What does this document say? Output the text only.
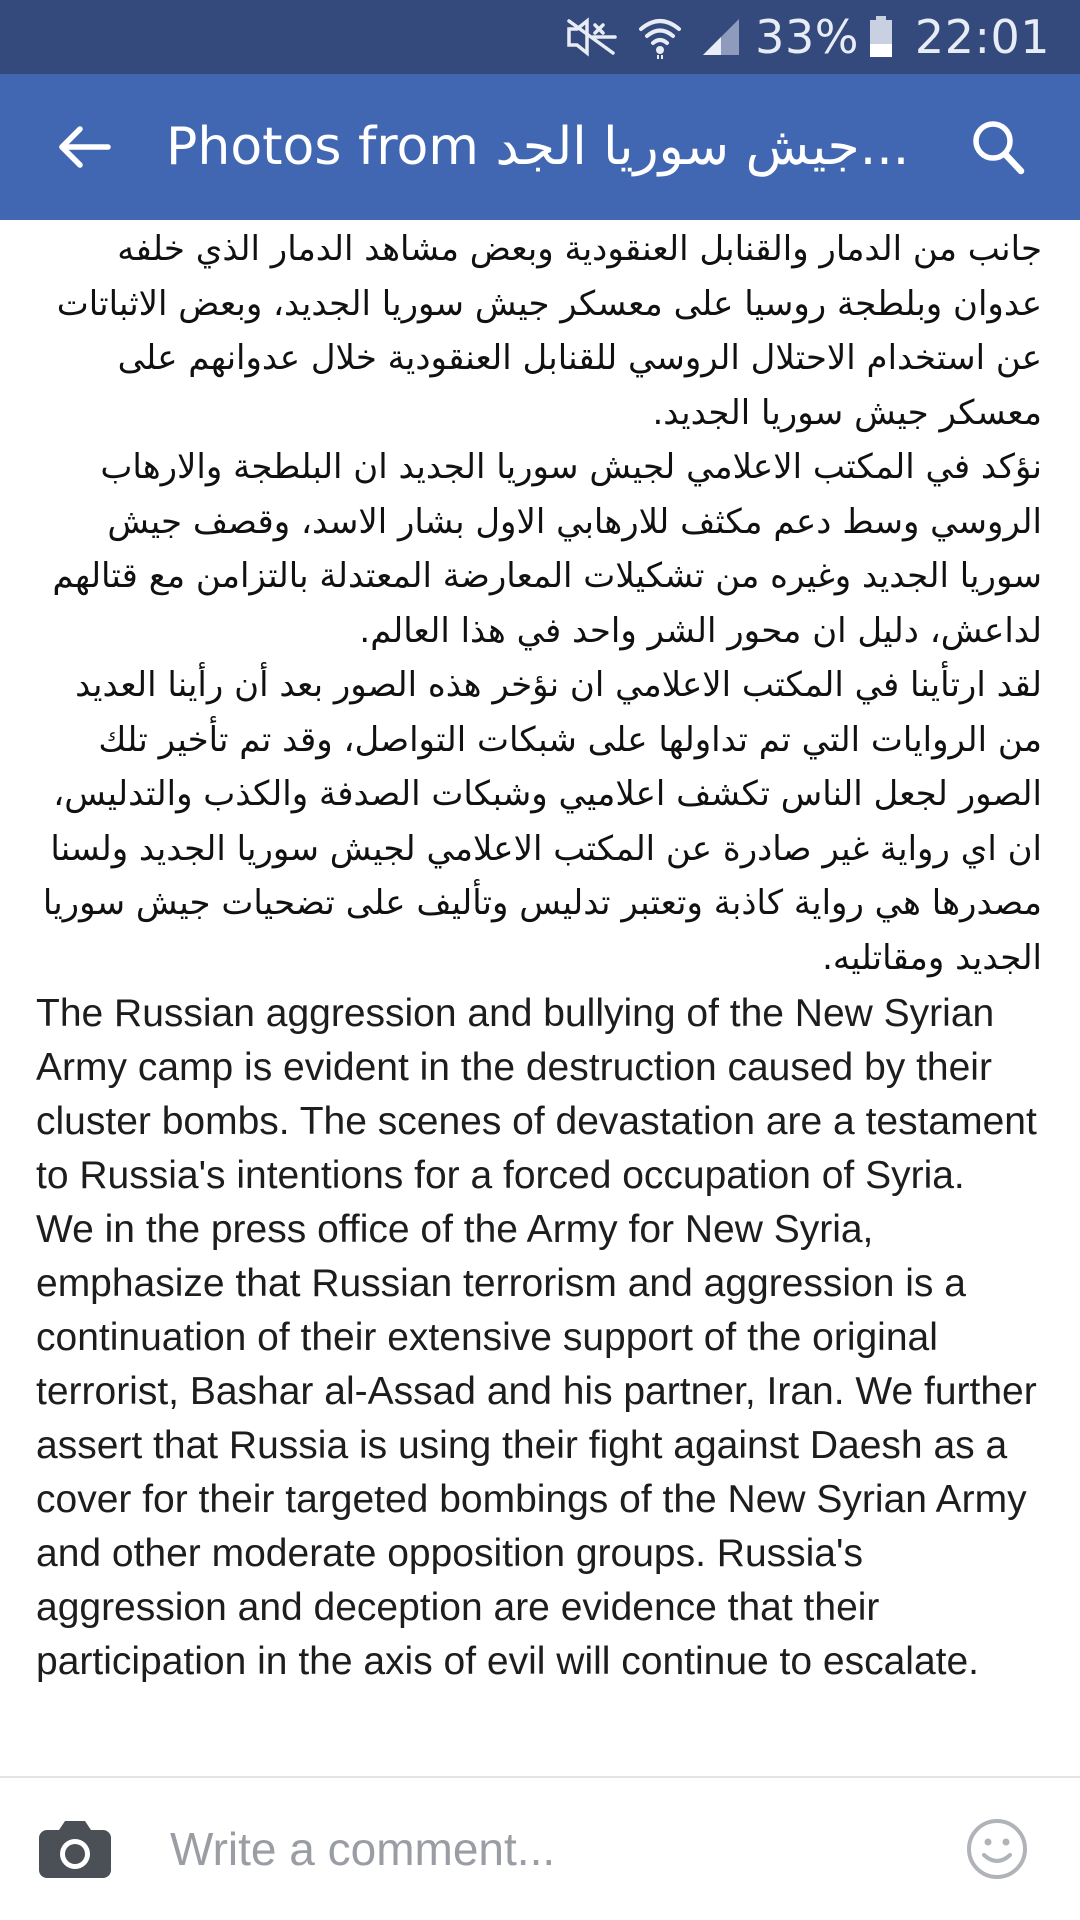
33% 22:01
Photos from جيش سوريا الجد...

جانب من الدمار والقنابل العنقودية وبعض مشاهد الدمار الذي خلفه عدوان وبلطجة روسيا على معسكر جيش سوريا الجديد، وبعض الاثباتات عن استخدام الاحتلال الروسي للقنابل العنقودية خلال عدوانهم على معسكر جيش سوريا الجديد.

نؤكد في المكتب الاعلامي لجيش سوريا الجديد ان البلطجة والارهاب الروسي وسط دعم مكثف للارهابي الاول بشار الاسد، وقصف جيش سوريا الجديد وغيره من تشكيلات المعارضة المعتدلة بالتزامن مع قتالهم لداعش، دليل ان محور الشر واحد في هذا العالم.

لقد ارتأينا في المكتب الاعلامي ان نؤخر هذه الصور بعد أن رأينا العديد من الروايات التي تم تداولها على شبكات التواصل، وقد تم تأخير تلك الصور لجعل الناس تكشف اعلاميي وشبكات الصدفة والكذب والتدليس، ان اي رواية غير صادرة عن المكتب الاعلامي لجيش سوريا الجديد ولسنا مصدرها هي رواية كاذبة وتعتبر تدليس وتأليف على تضحيات جيش سوريا الجديد ومقاتليه.

The Russian aggression and bullying of the New Syrian Army camp is evident in the destruction caused by their cluster bombs. The scenes of devastation are a testament to Russia's intentions for a forced occupation of Syria.

We in the press office of the Army for New Syria, emphasize that Russian terrorism and aggression is a continuation of their extensive support of the original terrorist, Bashar al-Assad and his partner, Iran. We further assert that Russia is using their fight against Daesh as a cover for their targeted bombings of the New Syrian Army and other moderate opposition groups. Russia's aggression and deception are evidence that their participation in the axis of evil will continue to escalate.

Write a comment...
